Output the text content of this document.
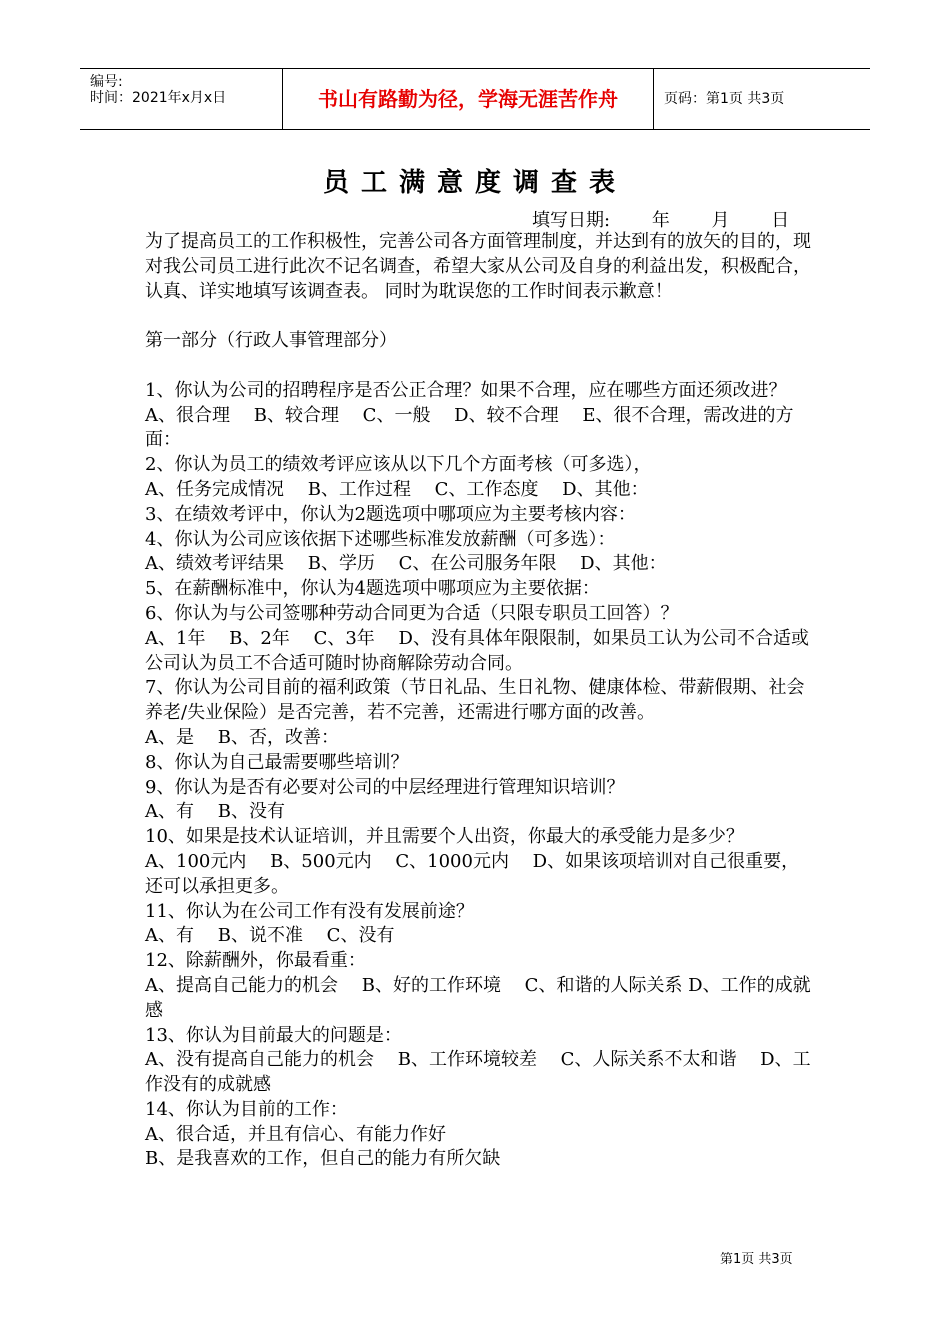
编号:
时间：2021年x月x日	书山有路勤为径，学海无涯苦作舟	页码：第1页 共3页
员工满意度调查表
填写日期: 年 月 日

为了提高员工的工作积极性，完善公司各方面管理制度，并达到有的放矢的目的，现对我公司员工进行此次不记名调查，希望大家从公司及自身的利益出发，积极配合，认真、详实地填写该调查表。 同时为耽误您的工作时间表示歉意！

第一部分（行政人事管理部分）

1、你认为公司的招聘程序是否公正合理？如果不合理，应在哪些方面还须改进？

A、很合理　 B、较合理　 C、一般　 D、较不合理　 E、很不合理，需改进的方面：

2、你认为员工的绩效考评应该从以下几个方面考核（可多选），

A、任务完成情况　 B、工作过程　 C、工作态度　 D、其他：

3、在绩效考评中，你认为2题选项中哪项应为主要考核内容：

4、你认为公司应该依据下述哪些标准发放薪酬（可多选）：

A、绩效考评结果　 B、学历　 C、在公司服务年限　 D、其他：

5、在薪酬标准中，你认为4题选项中哪项应为主要依据：

6、你认为与公司签哪种劳动合同更为合适（只限专职员工回答）？

A、1年　 B、2年　 C、3年　 D、没有具体年限限制，如果员工认为公司不合适或公司认为员工不合适可随时协商解除劳动合同。

7、你认为公司目前的福利政策（节日礼品、生日礼物、健康体检、带薪假期、社会养老/失业保险）是否完善，若不完善，还需进行哪方面的改善。

A、是　 B、否，改善：

8、你认为自己最需要哪些培训？

9、你认为是否有必要对公司的中层经理进行管理知识培训？

A、有　 B、没有

10、如果是技术认证培训，并且需要个人出资，你最大的承受能力是多少？

A、100元内　 B、500元内　 C、1000元内　 D、如果该项培训对自己很重要，还可以承担更多。

11、你认为在公司工作有没有发展前途？

A、有　 B、说不准　 C、没有

12、除薪酬外，你最看重：

A、提高自己能力的机会　 B、好的工作环境　 C、和谐的人际关系 D、工作的成就感

13、你认为目前最大的问题是：

A、没有提高自己能力的机会　 B、工作环境较差　 C、人际关系不太和谐　 D、工作没有的成就感

14、你认为目前的工作：

A、很合适，并且有信心、有能力作好

B、是我喜欢的工作，但自己的能力有所欠缺

第1页 共3页
